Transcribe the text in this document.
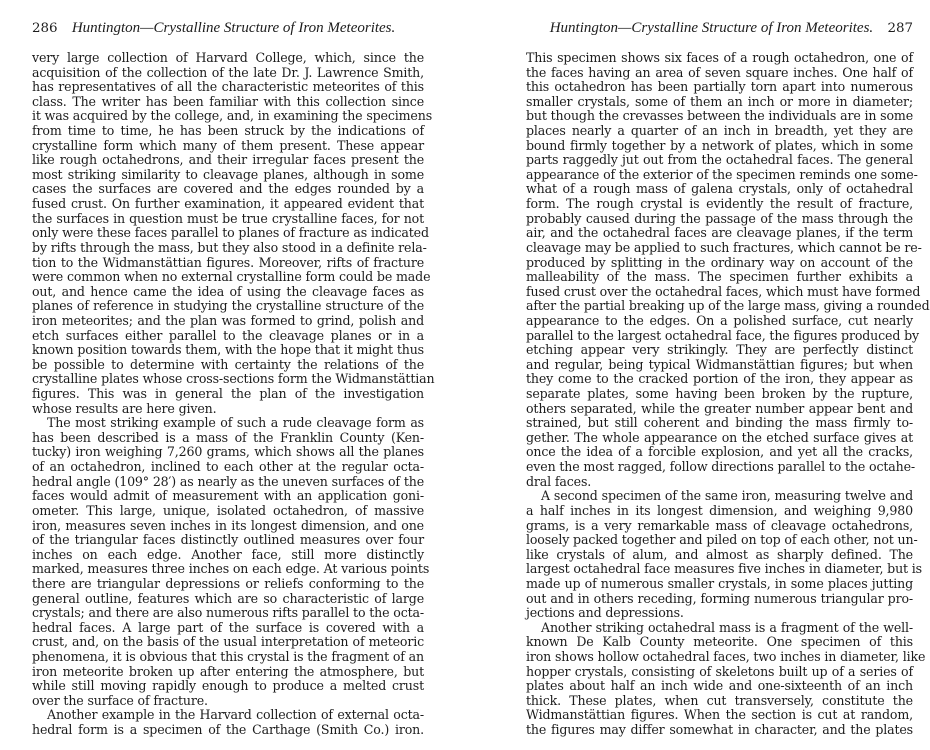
286 Huntington—Crystalline Structure of Iron Meteorites.
very large collection of Harvard College, which, since the
acquisition of the collection of the late Dr. J. Lawrence Smith,
has representatives of all the characteristic meteorites of this
class. The writer has been familiar with this collection since
it was acquired by the college, and, in examining the specimens
from time to time, he has been struck by the indications of
crystalline form which many of them present. These appear
like rough octahedrons, and their irregular faces present the
most striking similarity to cleavage planes, although in some
cases the surfaces are covered and the edges rounded by a
fused crust. On further examination, it appeared evident that
the surfaces in question must be true crystalline faces, for not
only were these faces parallel to planes of fracture as indicated
by rifts through the mass, but they also stood in a definite rela-
tion to the Widmanstättian figures. Moreover, rifts of fracture
were common when no external crystalline form could be made
out, and hence came the idea of using the cleavage faces as
planes of reference in studying the crystalline structure of the
iron meteorites; and the plan was formed to grind, polish and
etch surfaces either parallel to the cleavage planes or in a
known position towards them, with the hope that it might thus
be possible to determine with certainty the relations of the
crystalline plates whose cross-sections form the Widmanstättian
figures. This was in general the plan of the investigation
whose results are here given.
The most striking example of such a rude cleavage form as
has been described is a mass of the Franklin County (Ken-
tucky) iron weighing 7,260 grams, which shows all the planes
of an octahedron, inclined to each other at the regular octa-
hedral angle (109° 28′) as nearly as the uneven surfaces of the
faces would admit of measurement with an application goni-
ometer. This large, unique, isolated octahedron, of massive
iron, measures seven inches in its longest dimension, and one
of the triangular faces distinctly outlined measures over four
inches on each edge. Another face, still more distinctly
marked, measures three inches on each edge. At various points
there are triangular depressions or reliefs conforming to the
general outline, features which are so characteristic of large
crystals; and there are also numerous rifts parallel to the octa-
hedral faces. A large part of the surface is covered with a
crust, and, on the basis of the usual interpretation of meteoric
phenomena, it is obvious that this crystal is the fragment of an
iron meteorite broken up after entering the atmosphere, but
while still moving rapidly enough to produce a melted crust
over the surface of fracture.
Another example in the Harvard collection of external octa-
hedral form is a specimen of the Carthage (Smith Co.) iron.
Huntington—Crystalline Structure of Iron Meteorites. 287
This specimen shows six faces of a rough octahedron, one of
the faces having an area of seven square inches. One half of
this octahedron has been partially torn apart into numerous
smaller crystals, some of them an inch or more in diameter;
but though the crevasses between the individuals are in some
places nearly a quarter of an inch in breadth, yet they are
bound firmly together by a network of plates, which in some
parts raggedly jut out from the octahedral faces. The general
appearance of the exterior of the specimen reminds one some-
what of a rough mass of galena crystals, only of octahedral
form. The rough crystal is evidently the result of fracture,
probably caused during the passage of the mass through the
air, and the octahedral faces are cleavage planes, if the term
cleavage may be applied to such fractures, which cannot be re-
produced by splitting in the ordinary way on account of the
malleability of the mass. The specimen further exhibits a
fused crust over the octahedral faces, which must have formed
after the partial breaking up of the large mass, giving a rounded
appearance to the edges. On a polished surface, cut nearly
parallel to the largest octahedral face, the figures produced by
etching appear very strikingly. They are perfectly distinct
and regular, being typical Widmanstättian figures; but when
they come to the cracked portion of the iron, they appear as
separate plates, some having been broken by the rupture,
others separated, while the greater number appear bent and
strained, but still coherent and binding the mass firmly to-
gether. The whole appearance on the etched surface gives at
once the idea of a forcible explosion, and yet all the cracks,
even the most ragged, follow directions parallel to the octahe-
dral faces.
A second specimen of the same iron, measuring twelve and
a half inches in its longest dimension, and weighing 9,980
grams, is a very remarkable mass of cleavage octahedrons,
loosely packed together and piled on top of each other, not un-
like crystals of alum, and almost as sharply defined. The
largest octahedral face measures five inches in diameter, but is
made up of numerous smaller crystals, in some places jutting
out and in others receding, forming numerous triangular pro-
jections and depressions.
Another striking octahedral mass is a fragment of the well-
known De Kalb County meteorite. One specimen of this
iron shows hollow octahedral faces, two inches in diameter, like
hopper crystals, consisting of skeletons built up of a series of
plates about half an inch wide and one-sixteenth of an inch
thick. These plates, when cut transversely, constitute the
Widmanstättian figures. When the section is cut at random,
the figures may differ somewhat in character, and the plates
